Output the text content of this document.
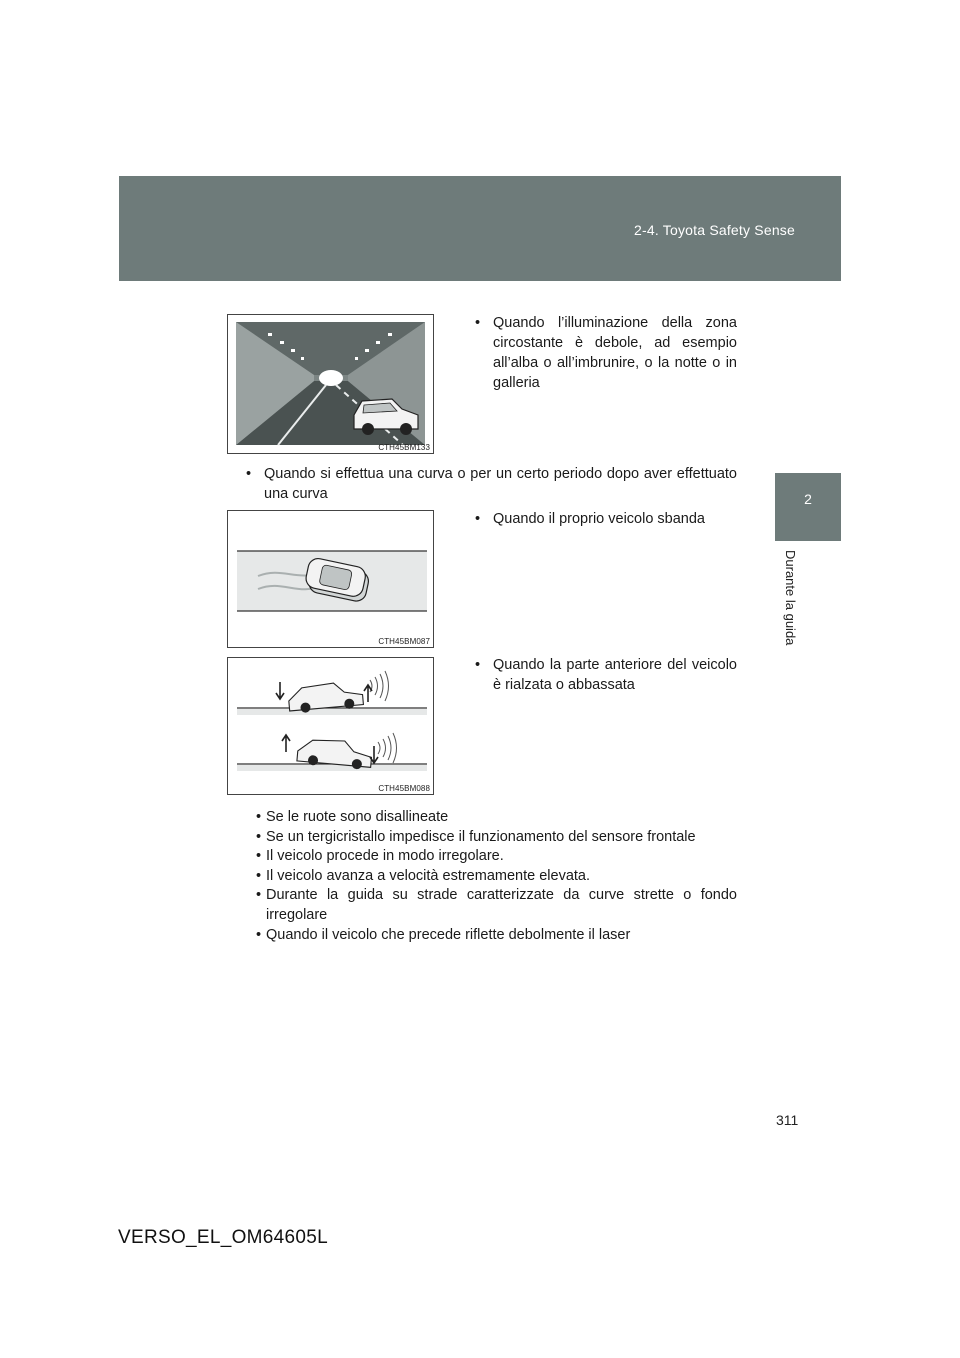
2-4. Toyota Safety Sense
2
Durante la guida
CTH45BM133
• Quando l’illuminazione della zona circostante è debole, ad esempio all’alba o all’imbrunire, o la notte o in galleria
• Quando si effettua una curva o per un certo periodo dopo aver effettuato una curva
CTH45BM087
• Quando il proprio veicolo sbanda
CTH45BM088
• Quando la parte anteriore del veicolo è rialzata o abbassata
• Se le ruote sono disallineate
• Se un tergicristallo impedisce il funzionamento del sensore frontale
• Il veicolo procede in modo irregolare.
• Il veicolo avanza a velocità estremamente elevata.
• Durante la guida su strade caratterizzate da curve strette o fondo irregolare
• Quando il veicolo che precede riflette debolmente il laser
311
VERSO_EL_OM64605L
